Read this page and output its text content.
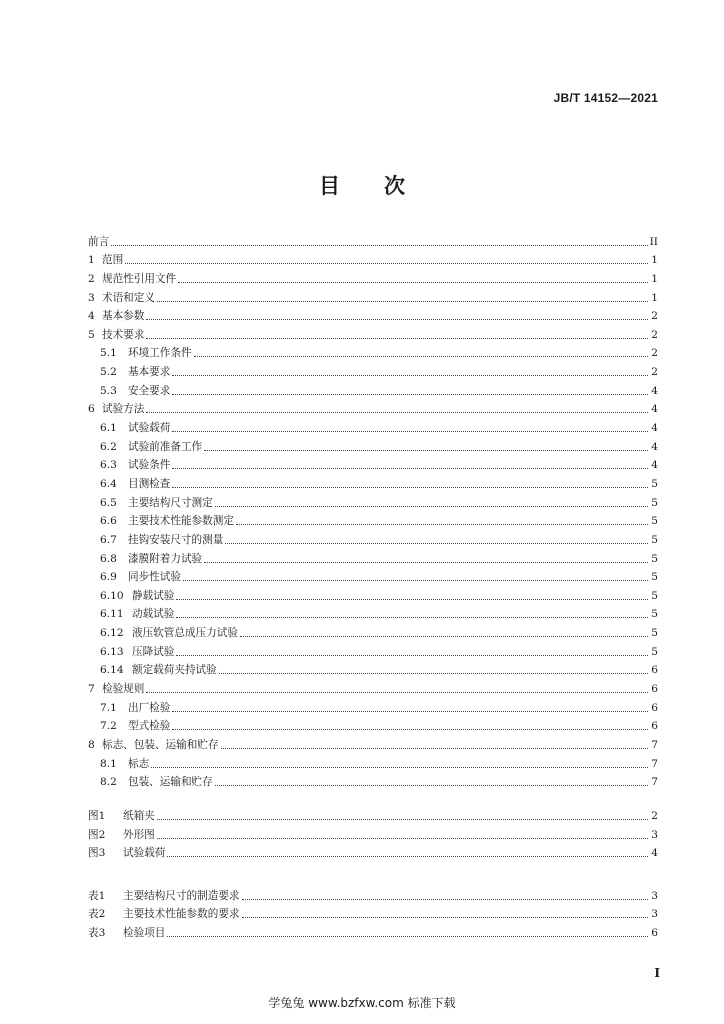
JB/T 14152—2021
目 次
前言	II
1 范围	1
2 规范性引用文件	1
3 术语和定义	1
4 基本参数	2
5 技术要求	2
5.1	环境工作条件	2
5.2	基本要求	2
5.3	安全要求	4
6 试验方法	4
6.1	试验载荷	4
6.2	试验前准备工作	4
6.3	试验条件	4
6.4	目测检查	5
6.5	主要结构尺寸测定	5
6.6	主要技术性能参数测定	5
6.7	挂钩安装尺寸的测量	5
6.8	漆膜附着力试验	5
6.9	同步性试验	5
6.10 静载试验	5
6.11 动载试验	5
6.12 液压软管总成压力试验	5
6.13 压降试验	5
6.14 额定载荷夹持试验	6
7 检验规则	6
7.1	出厂检验	6
7.2	型式检验	6
8 标志、包装、运输和贮存	7
8.1	标志	7
8.2	包装、运输和贮存	7
图1	纸箱夹	2
图2	外形图	3
图3	试验载荷	4
表1	主要结构尺寸的制造要求	3
表2	主要技术性能参数的要求	3
表3	检验项目	6
I
学兔兔 www.bzfxw.com 标准下载
